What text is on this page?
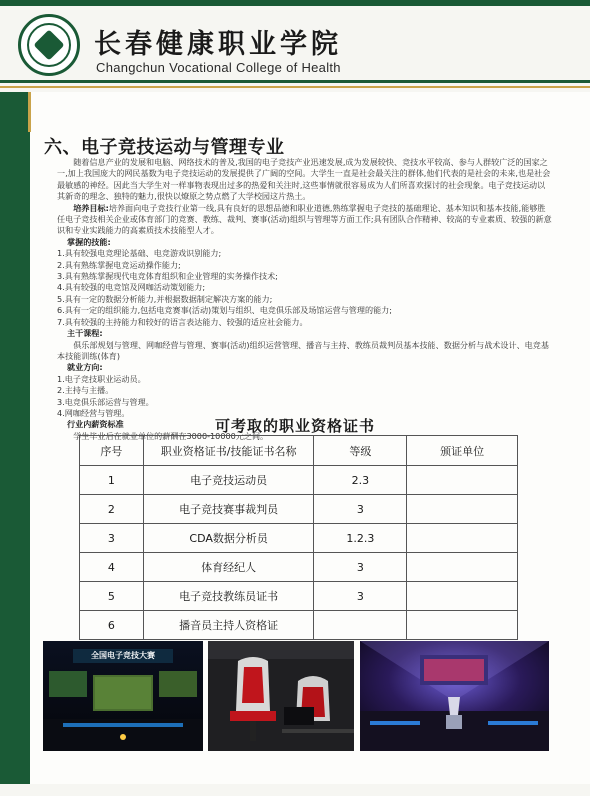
长春健康职业学院
Changchun Vocational College of Health
六、电子竞技运动与管理专业

随着信息产业的发展和电脑、网络技术的普及,我国的电子竞技产业迅速发展,成为发展较快、竞技水平较高、参与人群较广泛的国家之一,加上我国庞大的网民基数为电子竞技运动的发展提供了广阔的空间。大学生一直是社会最关注的群体,他们代表的是社会的未来,也是社会最敏感的神经。因此当大学生对一样事物表现出过多的热爱和关注时,这些事情就很容易成为人们所喜欢探讨的社会现象。电子竞技运动以其新奇的理念、独特的魅力,很快以燎原之势点燃了大学校园这片热土。

培养目标:培养面向电子竞技行业第一线,具有良好的思想品德和职业道德,熟练掌握电子竞技的基础理论、基本知识和基本技能,能够胜任电子竞技相关企业或体育部门的竞赛、教练、裁判、赛事(活动)组织与管理等方面工作;具有团队合作精神、较高的专业素质、较强的新意识和专业实践能力的高素质技术技能型人才。

掌握的技能:

1.具有较强电竞理论基础、电竞游戏识别能力;

2.具有熟练掌握电竞运动操作能力;

3.具有熟练掌握现代电竞体育组织和企业管理的实务操作技术;

4.具有较强的电竞馆及网咖活动策划能力;

5.具有一定的数据分析能力,并根据数据制定解决方案的能力;

6.具有一定的组织能力,包括电竞赛事(活动)策划与组织、电竞俱乐部及场馆运营与管理的能力;

7.具有较强的主持能力和较好的语言表达能力、较强的适应社会能力。

主干课程:

俱乐部规划与管理、网咖经营与管理、赛事(活动)组织运营管理、播音与主持、教练员裁判员基本技能、数据分析与战术设计、电竞基本技能训练(体育)

就业方向:

1.电子竞技职业运动员。

2.主持与主播。

3.电竞俱乐部运营与管理。

4.网咖经营与管理。

行业内薪资标准

学生毕业后在就业单位的薪酬在3000-10000元之间。

可考取的职业资格证书
序号	职业资格证书/技能证书名称	等级	颁证单位
1	电子竞技运动员	2.3	
2	电子竞技赛事裁判员	3	
3	CDA数据分析员	1.2.3	
4	体育经纪人	3	
5	电子竞技教练员证书	3	
6	播音员主持人资格证		
全国电子竞技大赛
